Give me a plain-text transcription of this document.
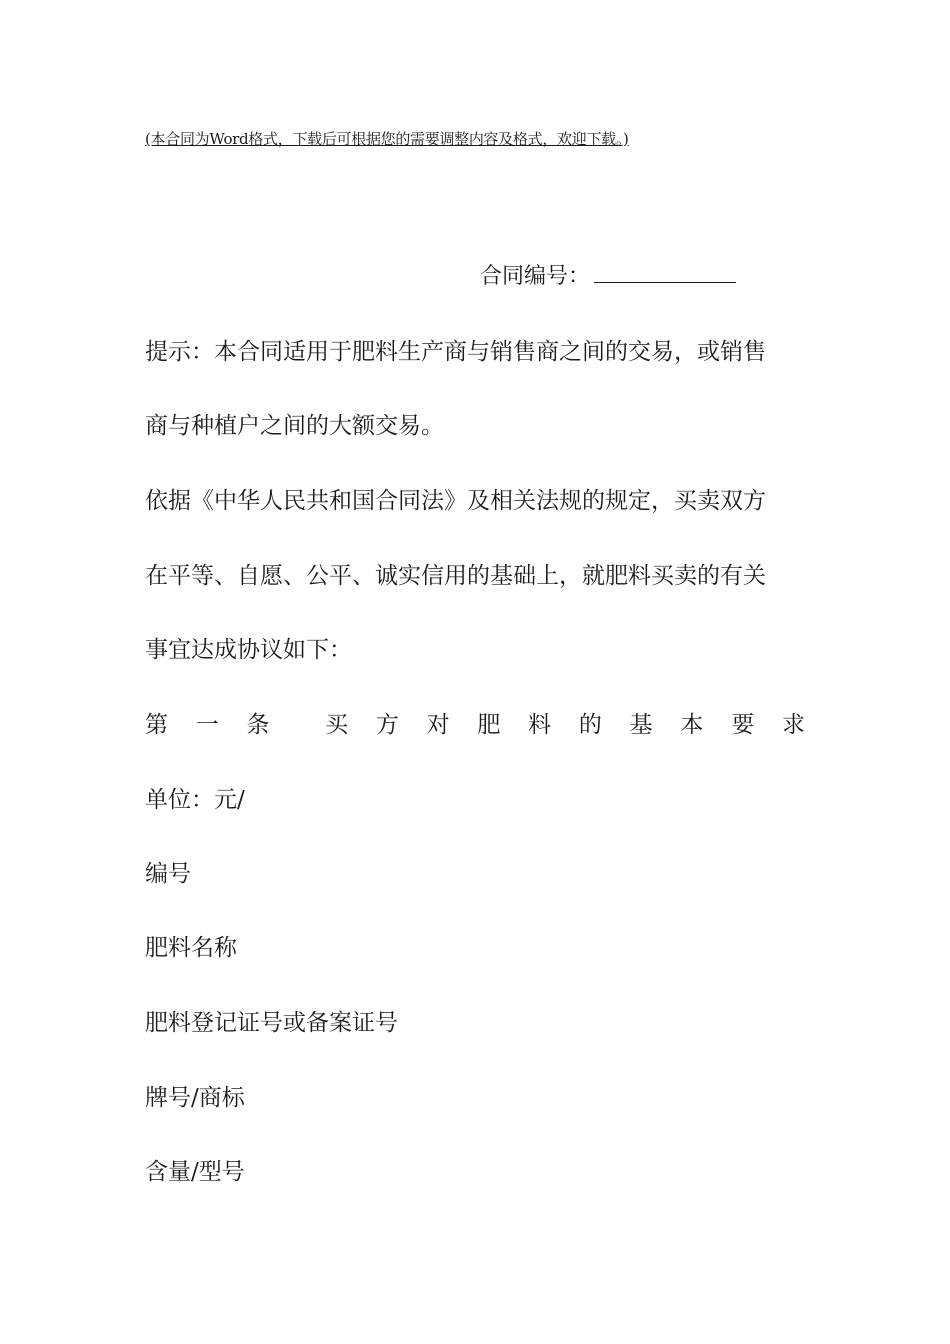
(本合同为Word格式，下载后可根据您的需要调整内容及格式，欢迎下载。)
合同编号：
提示：本合同适用于肥料生产商与销售商之间的交易，或销售
商与种植户之间的大额交易。
依据《中华人民共和国合同法》及相关法规的规定，买卖双方
在平等、自愿、公平、诚实信用的基础上，就肥料买卖的有关
事宜达成协议如下：
第 一 条 买 方 对 肥 料 的 基 本 要 求
单位：元/
编号
肥料名称
肥料登记证号或备案证号
牌号/商标
含量/型号
